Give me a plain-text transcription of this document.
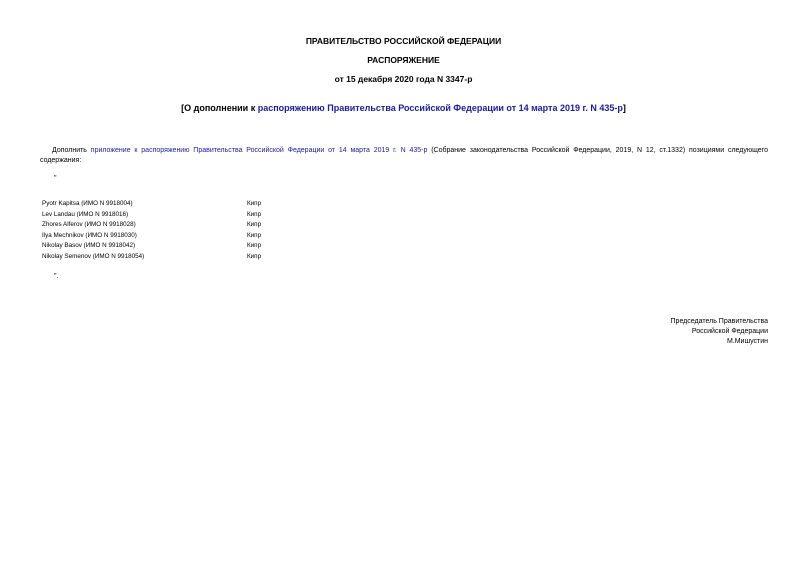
ПРАВИТЕЛЬСТВО РОССИЙСКОЙ ФЕДЕРАЦИИ
РАСПОРЯЖЕНИЕ
от 15 декабря 2020 года N 3347-р
[О дополнении к распоряжению Правительства Российской Федерации от 14 марта 2019 г. N 435-р]
Дополнить приложение к распоряжению Правительства Российской Федерации от 14 марта 2019 г. N 435-р (Собрание законодательства Российской Федерации, 2019, N 12, ст.1332) позициями следующего содержания:
"
Pyotr Kapitsa (ИМО N 9918004)	Кипр
Lev Landau (ИМО N 9918016)	Кипр
Zhores Alferov (ИМО N 9918028)	Кипр
Ilya Mechnikov (ИМО N 9918030)	Кипр
Nikolay Basov (ИМО N 9918042)	Кипр
Nikolay Semenov (ИМО N 9918054)	Кипр
".
Председатель Правительства
Российской Федерации
М.Мишустин
